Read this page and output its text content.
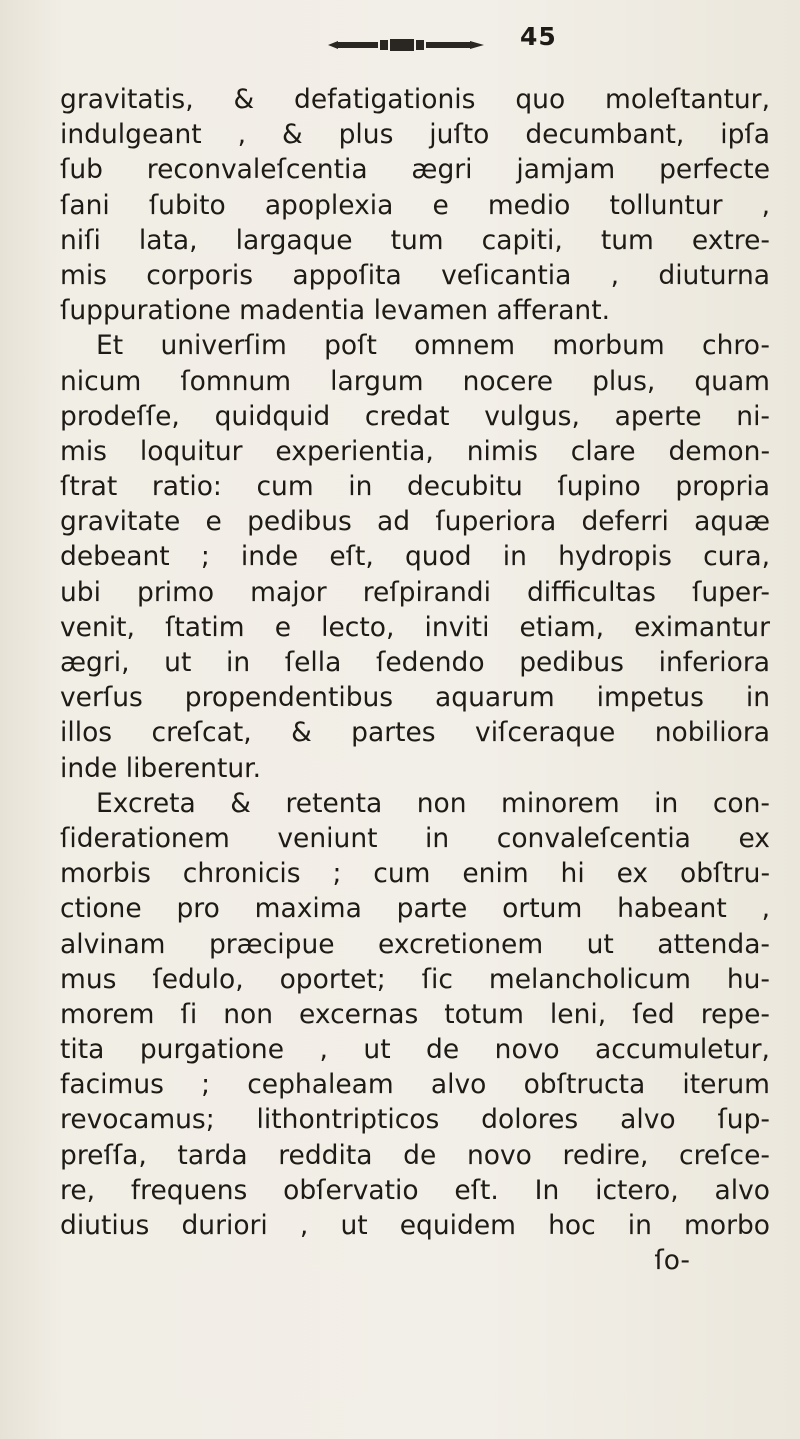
45
gravitatis, & defatigationis quo moleſtantur,
indulgeant , & plus juſto decumbant, ipſa
ſub reconvaleſcentia ægri jamjam perfecte
ſani ſubito apoplexia e medio tolluntur ,
niſi lata, largaque tum capiti, tum extre-
mis corporis appoſita veſicantia , diuturna
ſuppuratione madentia levamen afferant.
Et univerſim poſt omnem morbum chro-
nicum ſomnum largum nocere plus, quam
prodeſſe, quidquid credat vulgus, aperte ni-
mis loquitur experientia, nimis clare demon-
ſtrat ratio: cum in decubitu ſupino propria
gravitate e pedibus ad ſuperiora deferri aquæ
debeant ; inde eſt, quod in hydropis cura,
ubi primo major reſpirandi difficultas ſuper-
venit, ſtatim e lecto, inviti etiam, eximantur
ægri, ut in ſella ſedendo pedibus inferiora
verſus propendentibus aquarum impetus in
illos creſcat, & partes viſceraque nobiliora
inde liberentur.
Excreta & retenta non minorem in con-
ſiderationem veniunt in convaleſcentia ex
morbis chronicis ; cum enim hi ex obſtru-
ctione pro maxima parte ortum habeant ,
alvinam præcipue excretionem ut attenda-
mus ſedulo, oportet; ſic melancholicum hu-
morem ſi non excernas totum leni, ſed repe-
tita purgatione , ut de novo accumuletur,
facimus ; cephaleam alvo obſtructa iterum
revocamus; lithontripticos dolores alvo ſup-
preſſa, tarda reddita de novo redire, creſce-
re, frequens obſervatio eſt. In ictero, alvo
diutius duriori , ut equidem hoc in morbo
ſo-
